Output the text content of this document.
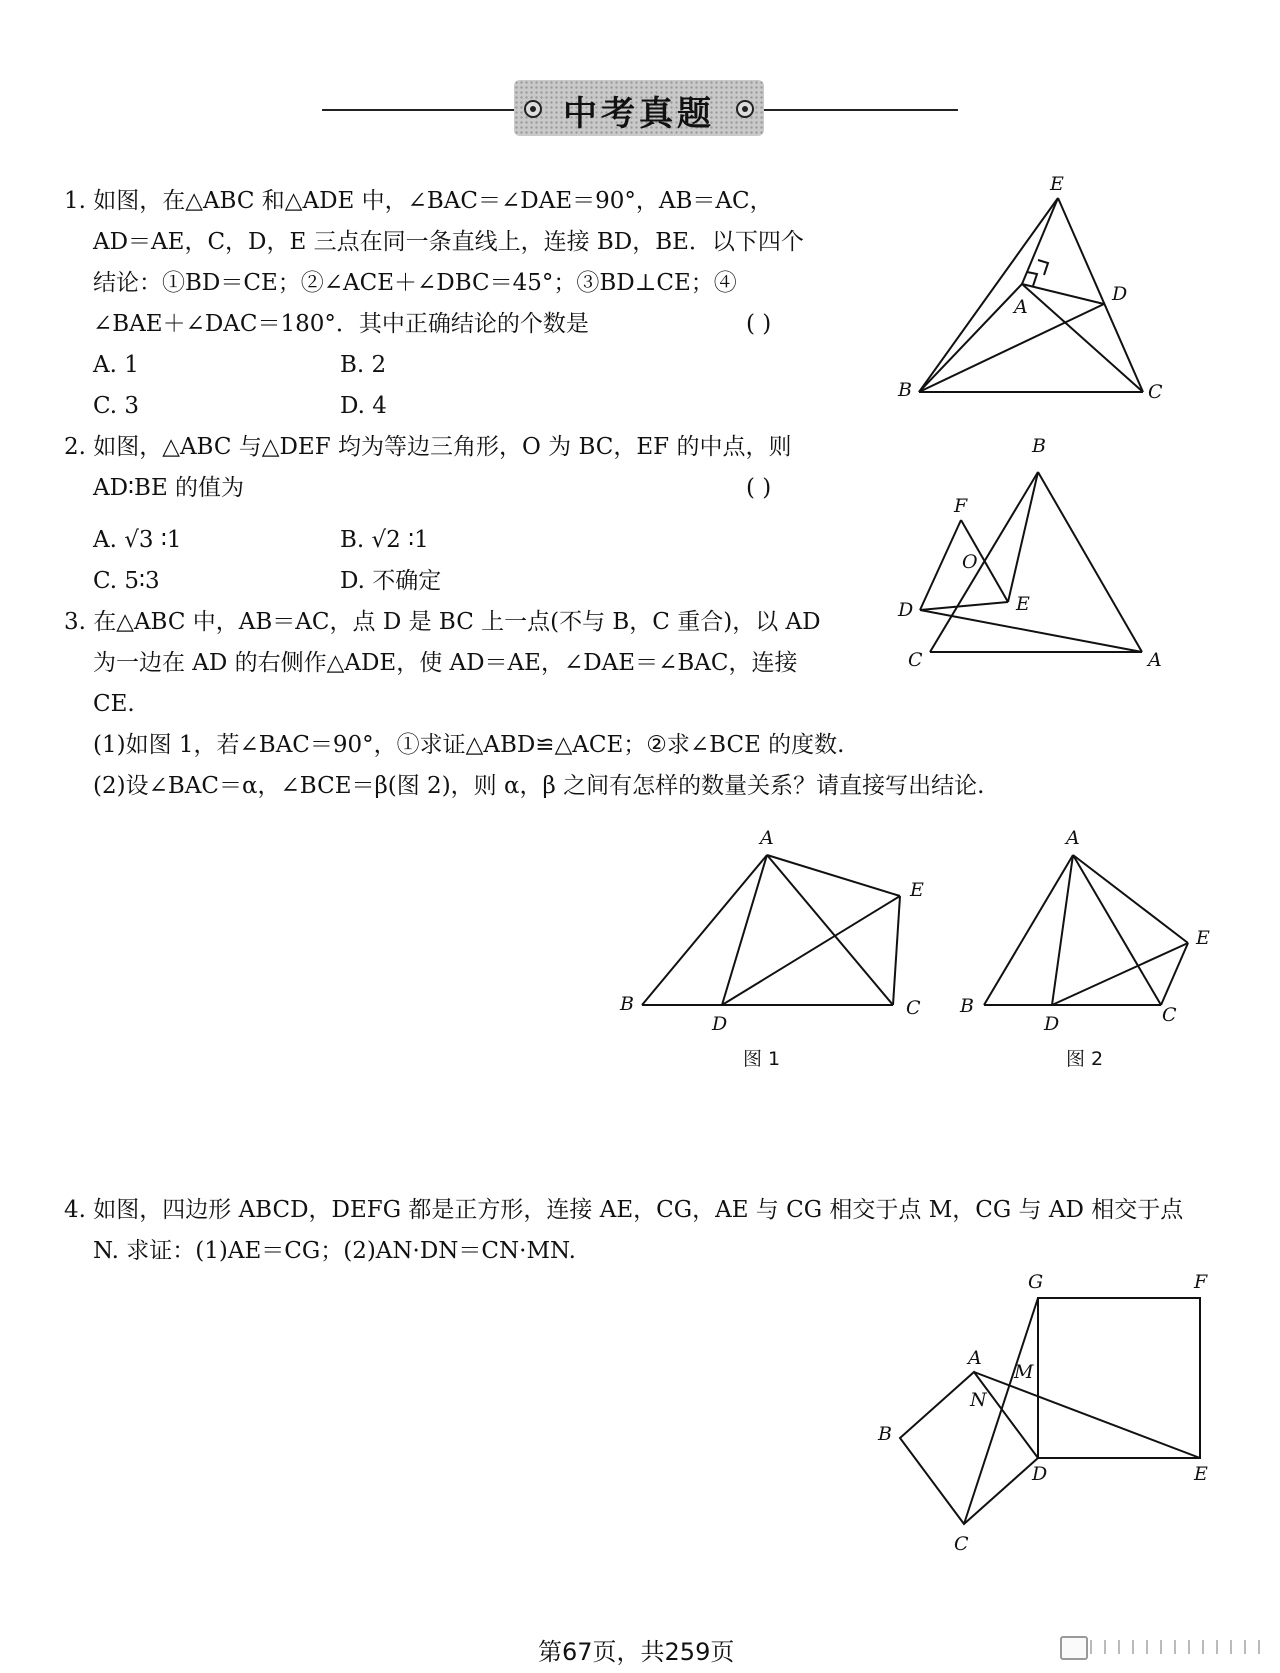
中考真题
1. 如图，在△ABC 和△ADE 中，∠BAC＝∠DAE＝90°，AB＝AC，
AD＝AE，C，D，E 三点在同一条直线上，连接 BD，BE．以下四个
结论：①BD＝CE；②∠ACE＋∠DBC＝45°；③BD⊥CE；④
∠BAE＋∠DAC＝180°．其中正确结论的个数是	( )
A. 1	B. 2
C. 3	D. 4
E
D
A
B	C
2. 如图，△ABC 与△DEF 均为等边三角形，O 为 BC，EF 的中点，则
AD∶BE 的值为	( )
A. √3 ∶1	B. √2 ∶1
C. 5∶3	D. 不确定
B
F
O
E
D
C	A
3. 在△ABC 中，AB＝AC，点 D 是 BC 上一点(不与 B，C 重合)，以 AD
为一边在 AD 的右侧作△ADE，使 AD＝AE，∠DAE＝∠BAC，连接
CE.
(1)如图 1，若∠BAC＝90°，①求证△ABD≌△ACE；②求∠BCE 的度数.
(2)设∠BAC＝α，∠BCE＝β(图 2)，则 α，β 之间有怎样的数量关系？请直接写出结论.
A
E
B	C
D
图 1
A
E
B	C
D
图 2
4. 如图，四边形 ABCD，DEFG 都是正方形，连接 AE，CG，AE 与 CG 相交于点 M，CG 与 AD 相交于点
N. 求证：(1)AE＝CG；(2)AN·DN＝CN·MN.
G	F
A
M
N
B
D	E
C
第67页，共259页
